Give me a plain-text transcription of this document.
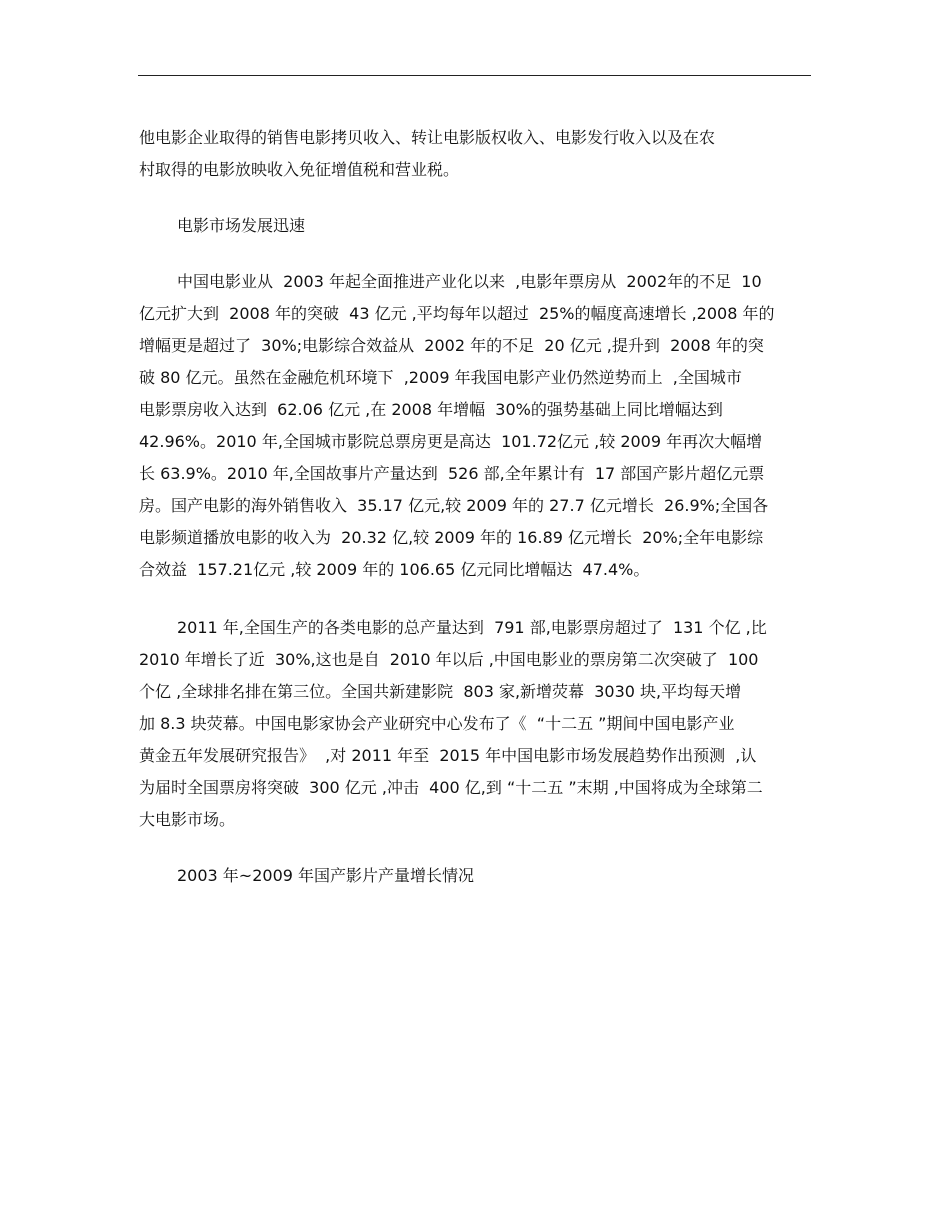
他电影企业取得的销售电影拷贝收入、转让电影版权收入、电影发行收入以及在农
村取得的电影放映收入免征增值税和营业税。
电影市场发展迅速
中国电影业从  2003 年起全面推进产业化以来  ,电影年票房从  2002年的不足  10
亿元扩大到  2008 年的突破  43 亿元 ,平均每年以超过  25%的幅度高速增长 ,2008 年的
增幅更是超过了  30%;电影综合效益从  2002 年的不足  20 亿元 ,提升到  2008 年的突
破 80 亿元。虽然在金融危机环境下  ,2009 年我国电影产业仍然逆势而上  ,全国城市
电影票房收入达到  62.06 亿元 ,在 2008 年增幅  30%的强势基础上同比增幅达到
42.96%。2010 年,全国城市影院总票房更是高达  101.72亿元 ,较 2009 年再次大幅增
长 63.9%。2010 年,全国故事片产量达到  526 部,全年累计有  17 部国产影片超亿元票
房。国产电影的海外销售收入  35.17 亿元,较 2009 年的 27.7 亿元增长  26.9%;全国各
电影频道播放电影的收入为  20.32 亿,较 2009 年的 16.89 亿元增长  20%;全年电影综
合效益  157.21亿元 ,较 2009 年的 106.65 亿元同比增幅达  47.4%。
2011 年,全国生产的各类电影的总产量达到  791 部,电影票房超过了  131 个亿 ,比
2010 年增长了近  30%,这也是自  2010 年以后 ,中国电影业的票房第二次突破了  100
个亿 ,全球排名排在第三位。全国共新建影院  803 家,新增荧幕  3030 块,平均每天增
加 8.3 块荧幕。中国电影家协会产业研究中心发布了《  “十二五 ”期间中国电影产业
黄金五年发展研究报告》  ,对 2011 年至  2015 年中国电影市场发展趋势作出预测  ,认
为届时全国票房将突破  300 亿元 ,冲击  400 亿,到 “十二五 ”末期 ,中国将成为全球第二
大电影市场。
2003 年~2009 年国产影片产量增长情况
